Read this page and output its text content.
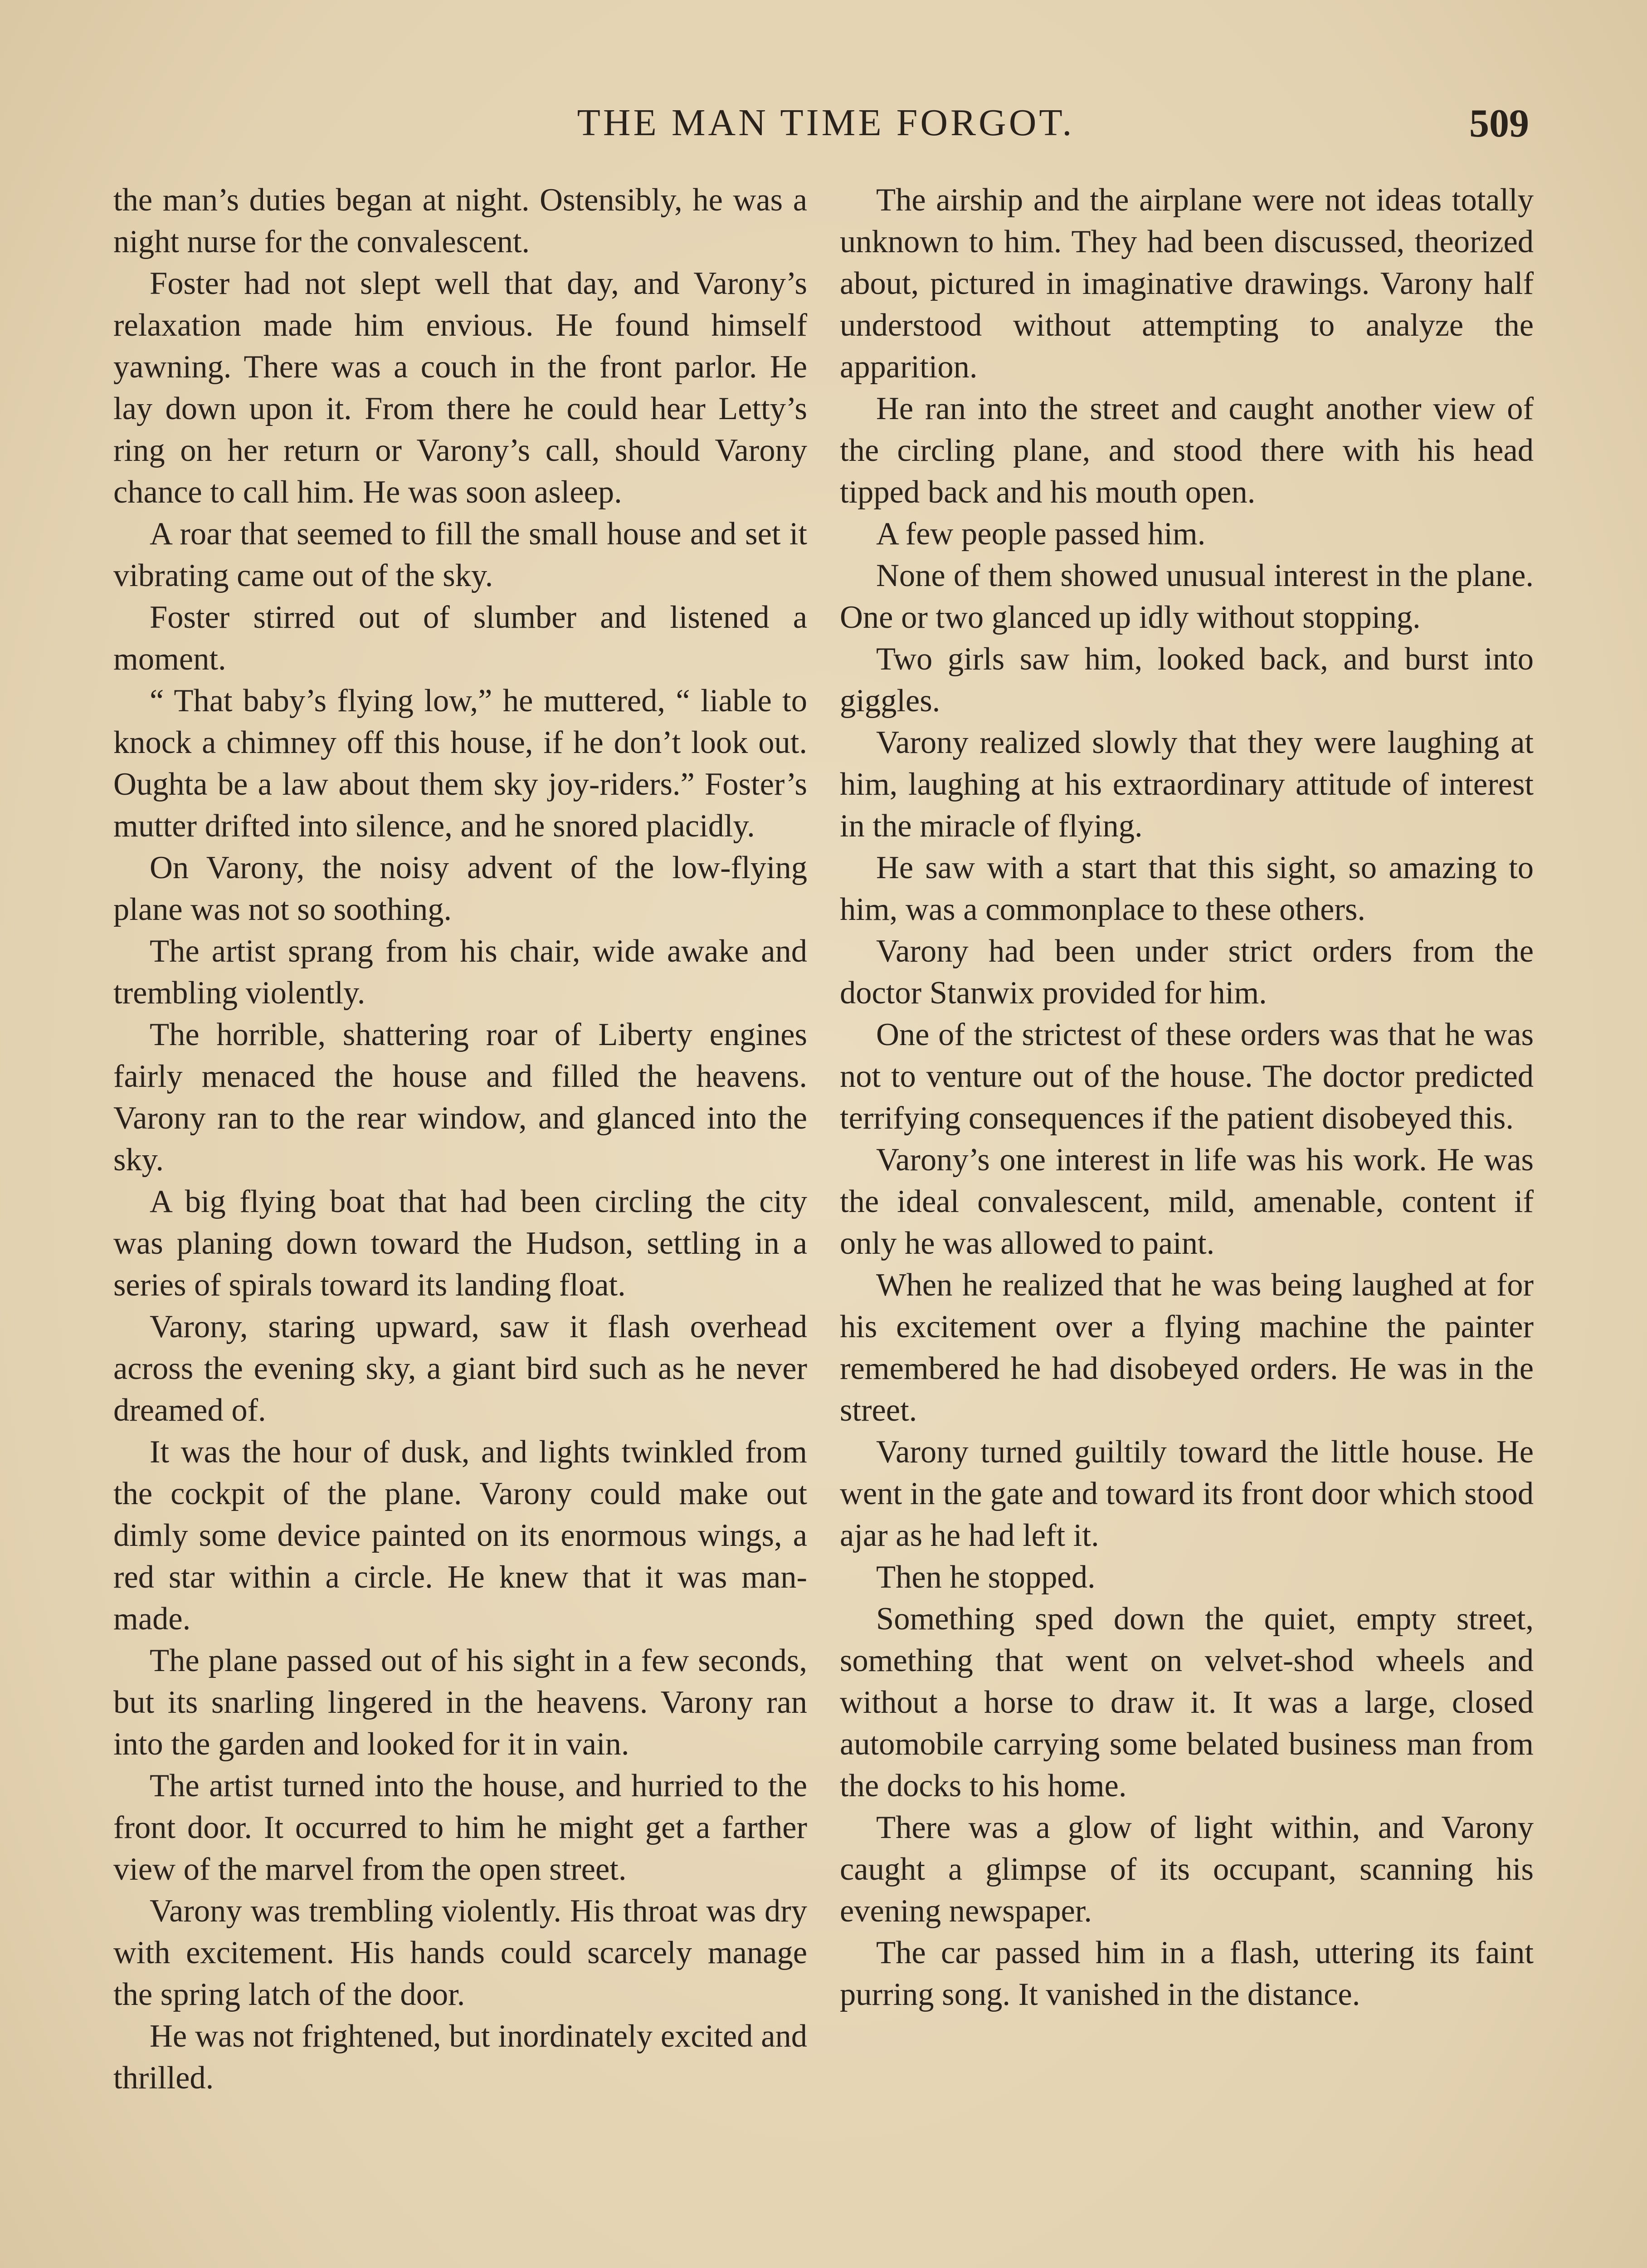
THE MAN TIME FORGOT.	509

the man’s duties began at night. Ostensibly, he was a night nurse for the convalescent.

Foster had not slept well that day, and Varony’s relaxation made him envious. He found himself yawning. There was a couch in the front parlor. He lay down upon it. From there he could hear Letty’s ring on her return or Varony’s call, should Varony chance to call him. He was soon asleep.

A roar that seemed to fill the small house and set it vibrating came out of the sky.

Foster stirred out of slumber and listened a moment.

“ That baby’s flying low,” he muttered, “ liable to knock a chimney off this house, if he don’t look out. Oughta be a law about them sky joy-riders.” Foster’s mutter drifted into silence, and he snored placidly.

On Varony, the noisy advent of the low-flying plane was not so soothing.

The artist sprang from his chair, wide awake and trembling violently.

The horrible, shattering roar of Liberty engines fairly menaced the house and filled the heavens. Varony ran to the rear window, and glanced into the sky.

A big flying boat that had been circling the city was planing down toward the Hudson, settling in a series of spirals toward its landing float.

Varony, staring upward, saw it flash overhead across the evening sky, a giant bird such as he never dreamed of.

It was the hour of dusk, and lights twinkled from the cockpit of the plane. Varony could make out dimly some device painted on its enormous wings, a red star within a circle. He knew that it was man-made.

The plane passed out of his sight in a few seconds, but its snarling lingered in the heavens. Varony ran into the garden and looked for it in vain.

The artist turned into the house, and hurried to the front door. It occurred to him he might get a farther view of the marvel from the open street.

Varony was trembling violently. His throat was dry with excitement. His hands could scarcely manage the spring latch of the door.

He was not frightened, but inordinately excited and thrilled.

The airship and the airplane were not ideas totally unknown to him. They had been discussed, theorized about, pictured in imaginative drawings. Varony half understood without attempting to analyze the apparition.

He ran into the street and caught another view of the circling plane, and stood there with his head tipped back and his mouth open.

A few people passed him.

None of them showed unusual interest in the plane. One or two glanced up idly without stopping.

Two girls saw him, looked back, and burst into giggles.

Varony realized slowly that they were laughing at him, laughing at his extraordinary attitude of interest in the miracle of flying.

He saw with a start that this sight, so amazing to him, was a commonplace to these others.

Varony had been under strict orders from the doctor Stanwix provided for him.

One of the strictest of these orders was that he was not to venture out of the house. The doctor predicted terrifying consequences if the patient disobeyed this.

Varony’s one interest in life was his work. He was the ideal convalescent, mild, amenable, content if only he was allowed to paint.

When he realized that he was being laughed at for his excitement over a flying machine the painter remembered he had disobeyed orders. He was in the street.

Varony turned guiltily toward the little house. He went in the gate and toward its front door which stood ajar as he had left it.

Then he stopped.

Something sped down the quiet, empty street, something that went on velvet-shod wheels and without a horse to draw it. It was a large, closed automobile carrying some belated business man from the docks to his home.

There was a glow of light within, and Varony caught a glimpse of its occupant, scanning his evening newspaper.

The car passed him in a flash, uttering its faint purring song. It vanished in the distance.
